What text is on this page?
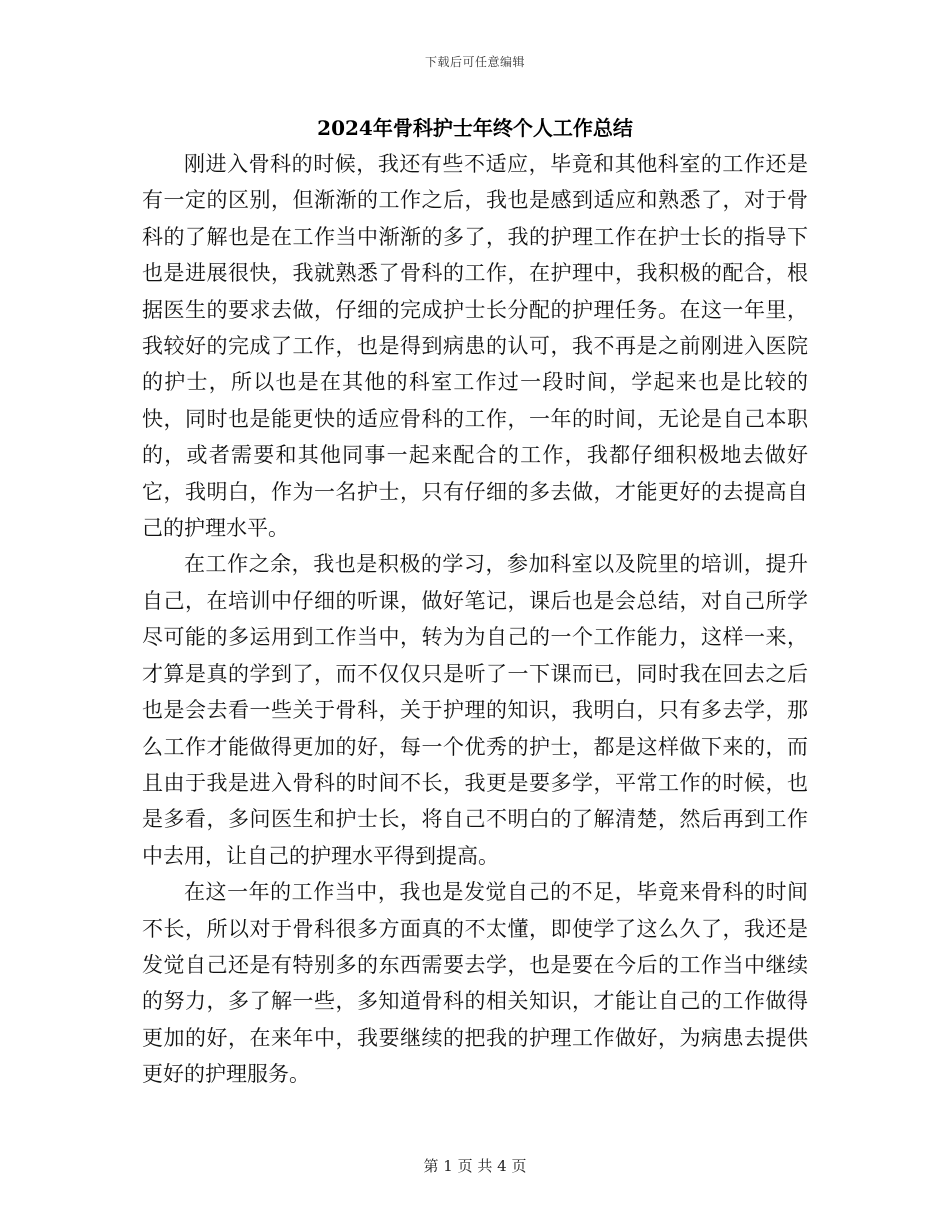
下载后可任意编辑
2024年骨科护士年终个人工作总结

刚进入骨科的时候，我还有些不适应，毕竟和其他科室的工作还是有一定的区别，但渐渐的工作之后，我也是感到适应和熟悉了，对于骨科的了解也是在工作当中渐渐的多了，我的护理工作在护士长的指导下也是进展很快，我就熟悉了骨科的工作，在护理中，我积极的配合，根据医生的要求去做，仔细的完成护士长分配的护理任务。在这一年里，我较好的完成了工作，也是得到病患的认可，我不再是之前刚进入医院的护士，所以也是在其他的科室工作过一段时间，学起来也是比较的快，同时也是能更快的适应骨科的工作，一年的时间，无论是自己本职的，或者需要和其他同事一起来配合的工作，我都仔细积极地去做好它，我明白，作为一名护士，只有仔细的多去做，才能更好的去提高自己的护理水平。

在工作之余，我也是积极的学习，参加科室以及院里的培训，提升自己，在培训中仔细的听课，做好笔记，课后也是会总结，对自己所学尽可能的多运用到工作当中，转为为自己的一个工作能力，这样一来，才算是真的学到了，而不仅仅只是听了一下课而已，同时我在回去之后也是会去看一些关于骨科，关于护理的知识，我明白，只有多去学，那么工作才能做得更加的好，每一个优秀的护士，都是这样做下来的，而且由于我是进入骨科的时间不长，我更是要多学，平常工作的时候，也是多看，多问医生和护士长，将自己不明白的了解清楚，然后再到工作中去用，让自己的护理水平得到提高。

在这一年的工作当中，我也是发觉自己的不足，毕竟来骨科的时间不长，所以对于骨科很多方面真的不太懂，即使学了这么久了，我还是发觉自己还是有特别多的东西需要去学，也是要在今后的工作当中继续的努力，多了解一些，多知道骨科的相关知识，才能让自己的工作做得更加的好，在来年中，我要继续的把我的护理工作做好，为病患去提供更好的护理服务。

第 1 页 共 4 页
